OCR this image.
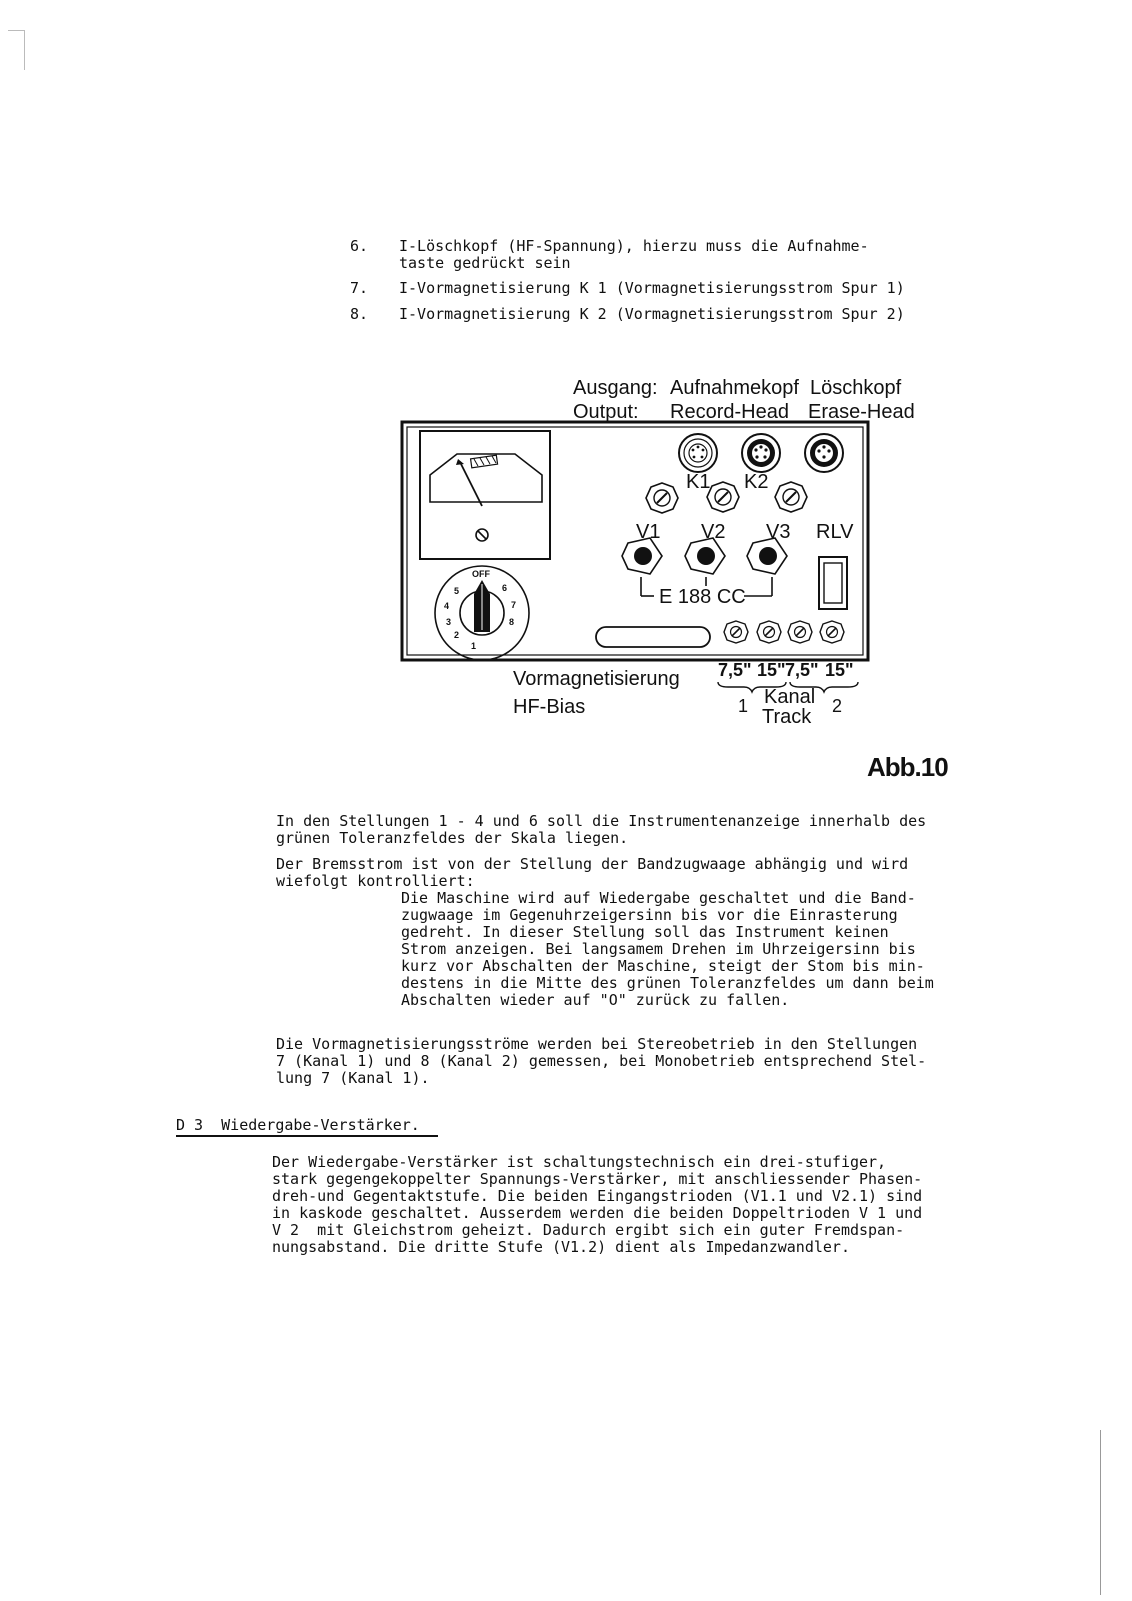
6.	I-Löschkopf (HF-Spannung), hierzu muss die Aufnahme-
taste gedrückt sein
7.	I-Vormagnetisierung K 1 (Vormagnetisierungsstrom Spur 1)
8.	I-Vormagnetisierung K 2 (Vormagnetisierungsstrom Spur 2)
Ausgang: Aufnahmekopf Löschkopf
Output: Record-Head Erase-Head
OFF
1
2
3
4
5	6
7
8
K1 K2
V1 V2 V3 RLV
E 188 CC
Vormagnetisierung
HF-Bias
7,5" 15" 7,5" 15"
1 Kanal
Track 2
Abb.10
In den Stellungen 1 - 4 und 6 soll die Instrumentenanzeige innerhalb des
grünen Toleranzfeldes der Skala liegen.
Der Bremsstrom ist von der Stellung der Bandzugwaage abhängig und wird
wiefolgt kontrolliert:
Die Maschine wird auf Wiedergabe geschaltet und die Band-
zugwaage im Gegenuhrzeigersinn bis vor die Einrasterung
gedreht. In dieser Stellung soll das Instrument keinen
Strom anzeigen. Bei langsamem Drehen im Uhrzeigersinn bis
kurz vor Abschalten der Maschine, steigt der Stom bis min-
destens in die Mitte des grünen Toleranzfeldes um dann beim
Abschalten wieder auf "O" zurück zu fallen.
Die Vormagnetisierungsströme werden bei Stereobetrieb in den Stellungen
7 (Kanal 1) und 8 (Kanal 2) gemessen, bei Monobetrieb entsprechend Stel-
lung 7 (Kanal 1).
D 3  Wiedergabe-Verstärker.
Der Wiedergabe-Verstärker ist schaltungstechnisch ein drei-stufiger,
stark gegengekoppelter Spannungs-Verstärker, mit anschliessender Phasen-
dreh-und Gegentaktstufe. Die beiden Eingangstrioden (V1.1 und V2.1) sind
in kaskode geschaltet. Ausserdem werden die beiden Doppeltrioden V 1 und
V 2  mit Gleichstrom geheizt. Dadurch ergibt sich ein guter Fremdspan-
nungsabstand. Die dritte Stufe (V1.2) dient als Impedanzwandler.
